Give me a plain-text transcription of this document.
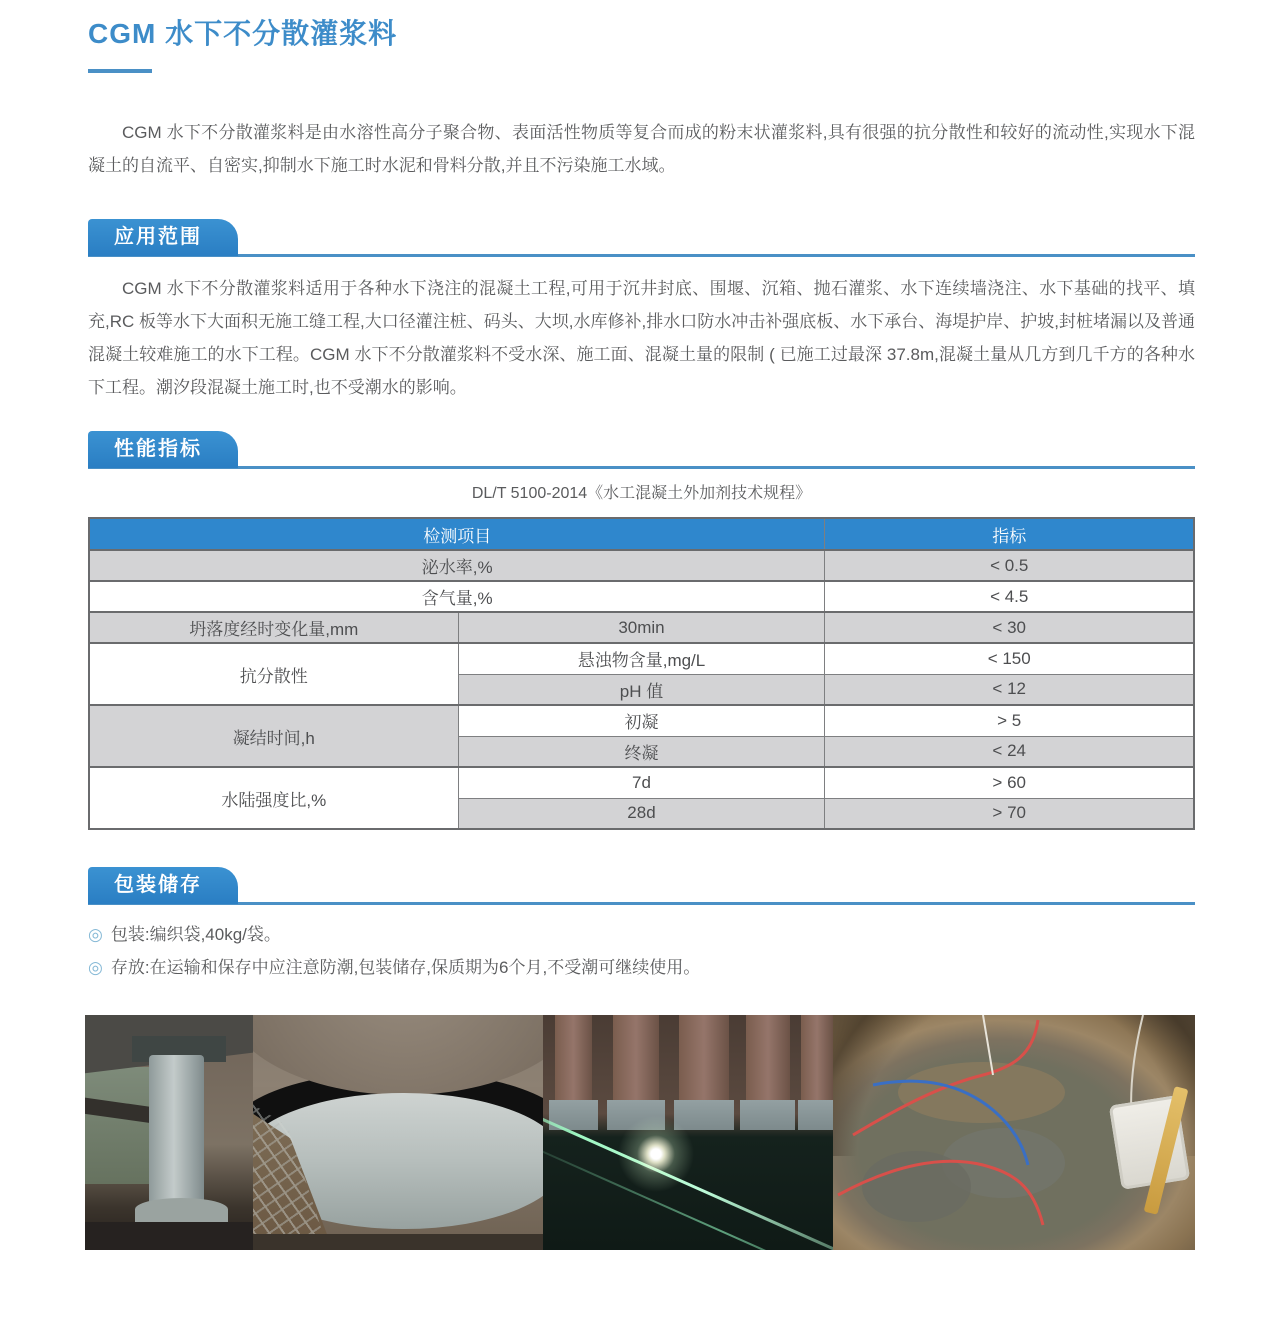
CGM 水下不分散灌浆料

CGM 水下不分散灌浆料是由水溶性高分子聚合物、表面活性物质等复合而成的粉末状灌浆料,具有很强的抗分散性和较好的流动性,实现水下混凝土的自流平、自密实,抑制水下施工时水泥和骨料分散,并且不污染施工水域。

应用范围

CGM 水下不分散灌浆料适用于各种水下浇注的混凝土工程,可用于沉井封底、围堰、沉箱、抛石灌浆、水下连续墙浇注、水下基础的找平、填充,RC 板等水下大面积无施工缝工程,大口径灌注桩、码头、大坝,水库修补,排水口防水冲击补强底板、水下承台、海堤护岸、护坡,封桩堵漏以及普通混凝土较难施工的水下工程。CGM 水下不分散灌浆料不受水深、施工面、混凝土量的限制 ( 已施工过最深 37.8m,混凝土量从几方到几千方的各种水下工程。潮汐段混凝土施工时,也不受潮水的影响。

性能指标
DL/T 5100-2014《水工混凝土外加剂技术规程》
检测项目		指标
泌水率,%		< 0.5
含气量,%		< 4.5
坍落度经时变化量,mm	30min	< 30
抗分散性	悬浊物含量,mg/L	< 150
	pH 值	< 12
凝结时间,h	初凝	> 5
	终凝	< 24
水陆强度比,%	7d	> 60
	28d	> 70
包装储存
◎ 包装:编织袋,40kg/袋。
◎ 存放:在运输和保存中应注意防潮,包装储存,保质期为6个月,不受潮可继续使用。
